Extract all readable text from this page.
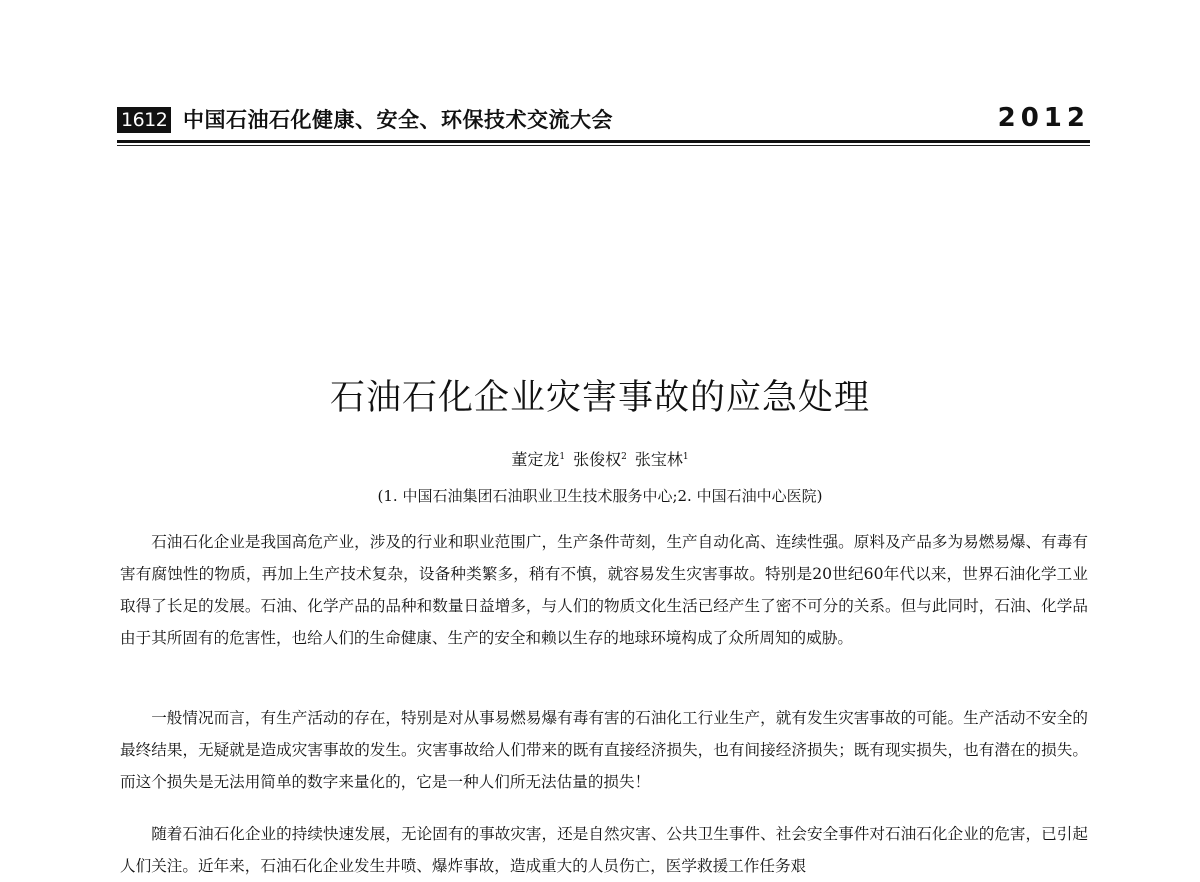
1612 中国石油石化健康、安全、环保技术交流大会	2012
石油石化企业灾害事故的应急处理
董定龙$^1$ 张俊权$^2$ 张宝林$^1$
(1. 中国石油集团石油职业卫生技术服务中心;2. 中国石油中心医院)

石油石化企业是我国高危产业，涉及的行业和职业范围广，生产条件苛刻，生产自动化高、连续性强。原料及产品多为易燃易爆、有毒有害有腐蚀性的物质，再加上生产技术复杂，设备种类繁多，稍有不慎，就容易发生灾害事故。特别是20世纪60年代以来，世界石油化学工业取得了长足的发展。石油、化学产品的品种和数量日益增多，与人们的物质文化生活已经产生了密不可分的关系。但与此同时，石油、化学品由于其所固有的危害性，也给人们的生命健康、生产的安全和赖以生存的地球环境构成了众所周知的威胁。

一般情况而言，有生产活动的存在，特别是对从事易燃易爆有毒有害的石油化工行业生产，就有发生灾害事故的可能。生产活动不安全的最终结果，无疑就是造成灾害事故的发生。灾害事故给人们带来的既有直接经济损失，也有间接经济损失；既有现实损失，也有潜在的损失。而这个损失是无法用简单的数字来量化的，它是一种人们所无法估量的损失！

随着石油石化企业的持续快速发展，无论固有的事故灾害，还是自然灾害、公共卫生事件、社会安全事件对石油石化企业的危害，已引起人们关注。近年来，石油石化企业发生井喷、爆炸事故，造成重大的人员伤亡，医学救援工作任务艰
